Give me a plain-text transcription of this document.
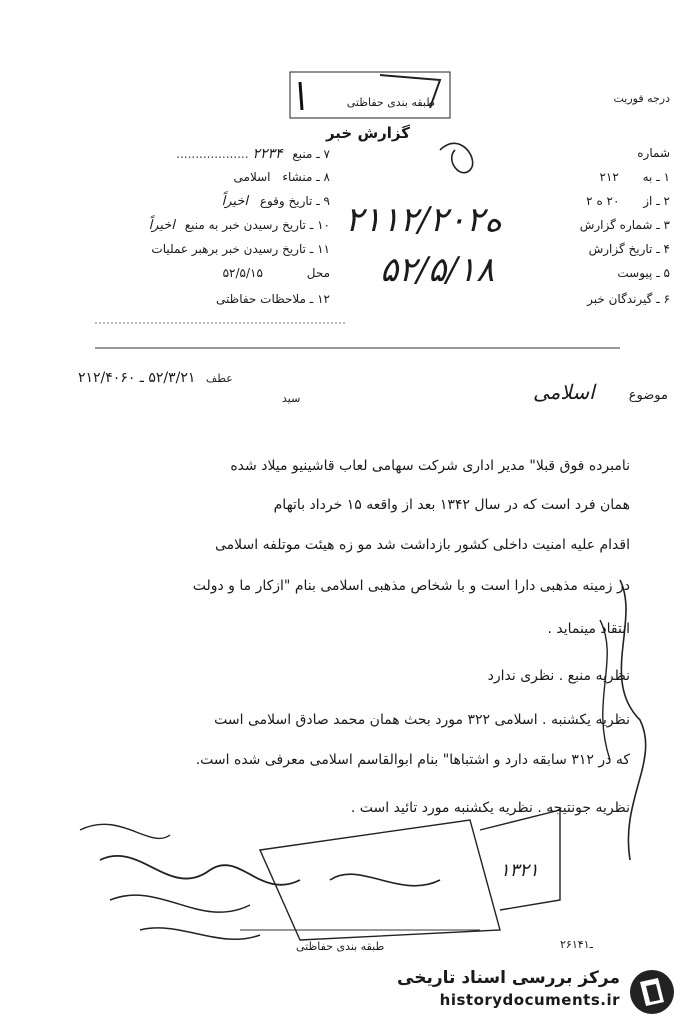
درجه فوریت
طبقه بندی حفاظتی
گزارش خبر
شماره
۷ ـ منبع ۲۲۳۴ ...................
۸ ـ منشاء اسلامی
۹ ـ تاریخ وقوع اخیراً
۱۰ ـ تاریخ رسیدن خبر به منبع اخیراً
۱۱ ـ تاریخ رسیدن خبر برهبر عملیات
محل ۵۲/۵/۱۵
۱۲ ـ ملاحظات حفاظتی
۱ ـ به ۲۱۲
۲ ـ از ۲۰ ه ۲
۳ ـ شماره گزارش
۴ ـ تاریخ گزارش
۵ ـ پیوست
۶ ـ گیرندگان خبر
۲۱۱۲/۲۰ه۲
۵۲/۵/۱۸
موضوع اسلامی
عطف ۵۲/۳/۲۱ ـ ۲۱۲/۴۰۶۰
سید
نامبرده فوق قبلا" مدیر اداری شرکت سهامی لعاب قاشینیو میلاد شده
همان فرد است که در سال ۱۳۴۲ بعد از واقعه ۱۵ خرداد باتهام
اقدام علیه امنیت داخلی کشور بازداشت شد مو زه هیئت موتلفه اسلامی
در زمینه مذهبی دارا است و با شخاص مذهبی اسلامی بنام "ازکار ما و دولت
انتقاد مینماید .
نظریه منبع . نظری ندارد
نظریه یکشنبه . اسلامی ۳۲۲ مورد بحث همان محمد صادق اسلامی است
که در ۳۱۲ سابقه دارد و اشتباها" بنام ابوالقاسم اسلامی معرفی شده است.
نظریه جونتیجه . نظریه یکشنبه مورد تائید است .
۱۳۲۱
طبقه بندی حفاظتی	۲۶ـ۱۴۱
مرکز بررسی اسناد تاریخی
historydocuments.ir
